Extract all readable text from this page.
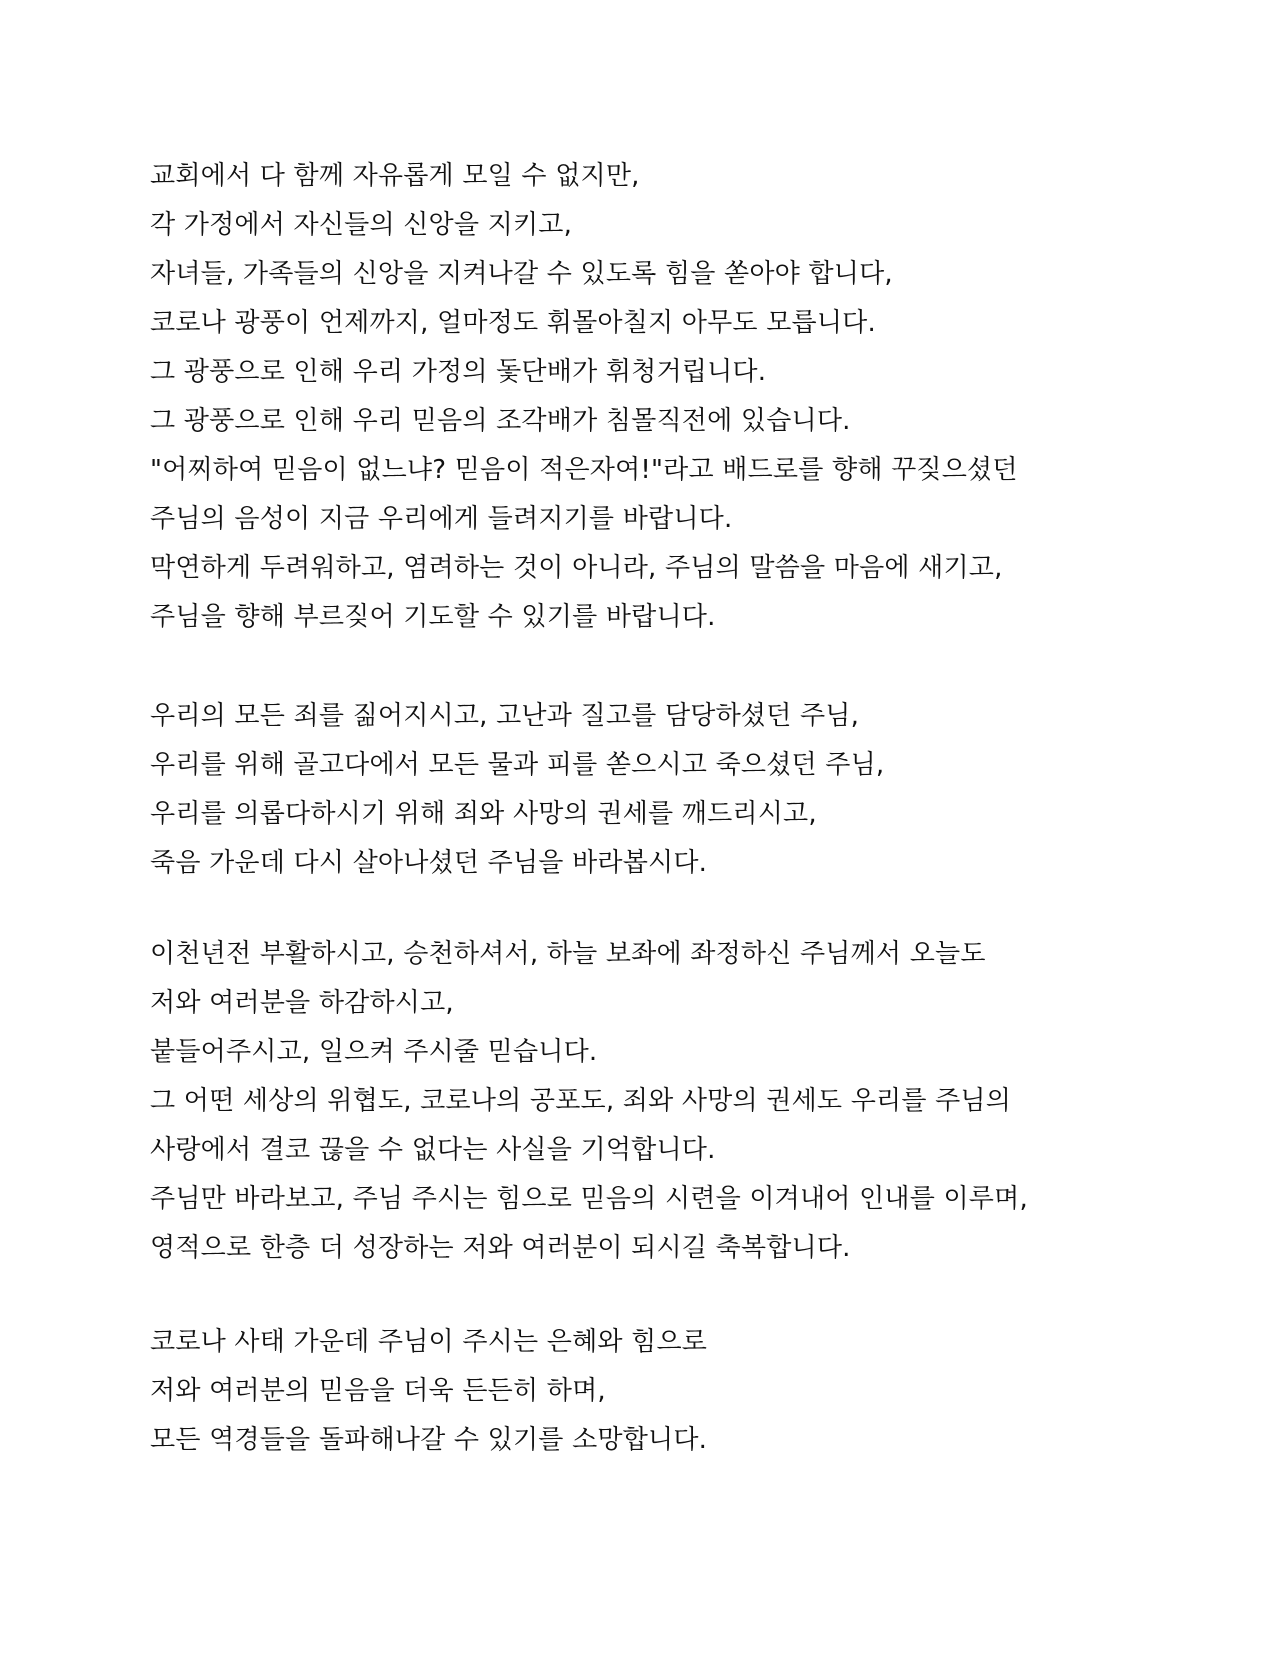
교회에서 다 함께 자유롭게 모일 수 없지만,
각 가정에서 자신들의 신앙을 지키고,
자녀들, 가족들의 신앙을 지켜나갈 수 있도록 힘을 쏟아야 합니다,
코로나 광풍이 언제까지, 얼마정도 휘몰아칠지 아무도 모릅니다.
그 광풍으로 인해 우리 가정의 돛단배가 휘청거립니다.
그 광풍으로 인해 우리 믿음의 조각배가 침몰직전에 있습니다.
"어찌하여 믿음이 없느냐? 믿음이 적은자여!"라고 배드로를 향해 꾸짖으셨던
주님의 음성이 지금 우리에게 들려지기를 바랍니다.
막연하게 두려워하고, 염려하는 것이 아니라, 주님의 말씀을 마음에 새기고,
주님을 향해 부르짖어 기도할 수 있기를 바랍니다.
우리의 모든 죄를 짊어지시고, 고난과 질고를 담당하셨던 주님,
우리를 위해 골고다에서 모든 물과 피를 쏟으시고 죽으셨던 주님,
우리를 의롭다하시기 위해 죄와 사망의 권세를 깨드리시고,
죽음 가운데 다시 살아나셨던 주님을 바라봅시다.
이천년전 부활하시고, 승천하셔서, 하늘 보좌에 좌정하신 주님께서 오늘도
저와 여러분을 하감하시고,
붙들어주시고, 일으켜 주시줄 믿습니다.
그 어떤 세상의 위협도, 코로나의 공포도, 죄와 사망의 권세도 우리를 주님의
사랑에서 결코 끊을 수 없다는 사실을 기억합니다.
주님만 바라보고, 주님 주시는 힘으로 믿음의 시련을 이겨내어 인내를 이루며,
영적으로 한층 더 성장하는 저와 여러분이 되시길 축복합니다.
코로나 사태 가운데 주님이 주시는 은혜와 힘으로
저와 여러분의 믿음을 더욱 든든히 하며,
모든 역경들을 돌파해나갈 수 있기를 소망합니다.
